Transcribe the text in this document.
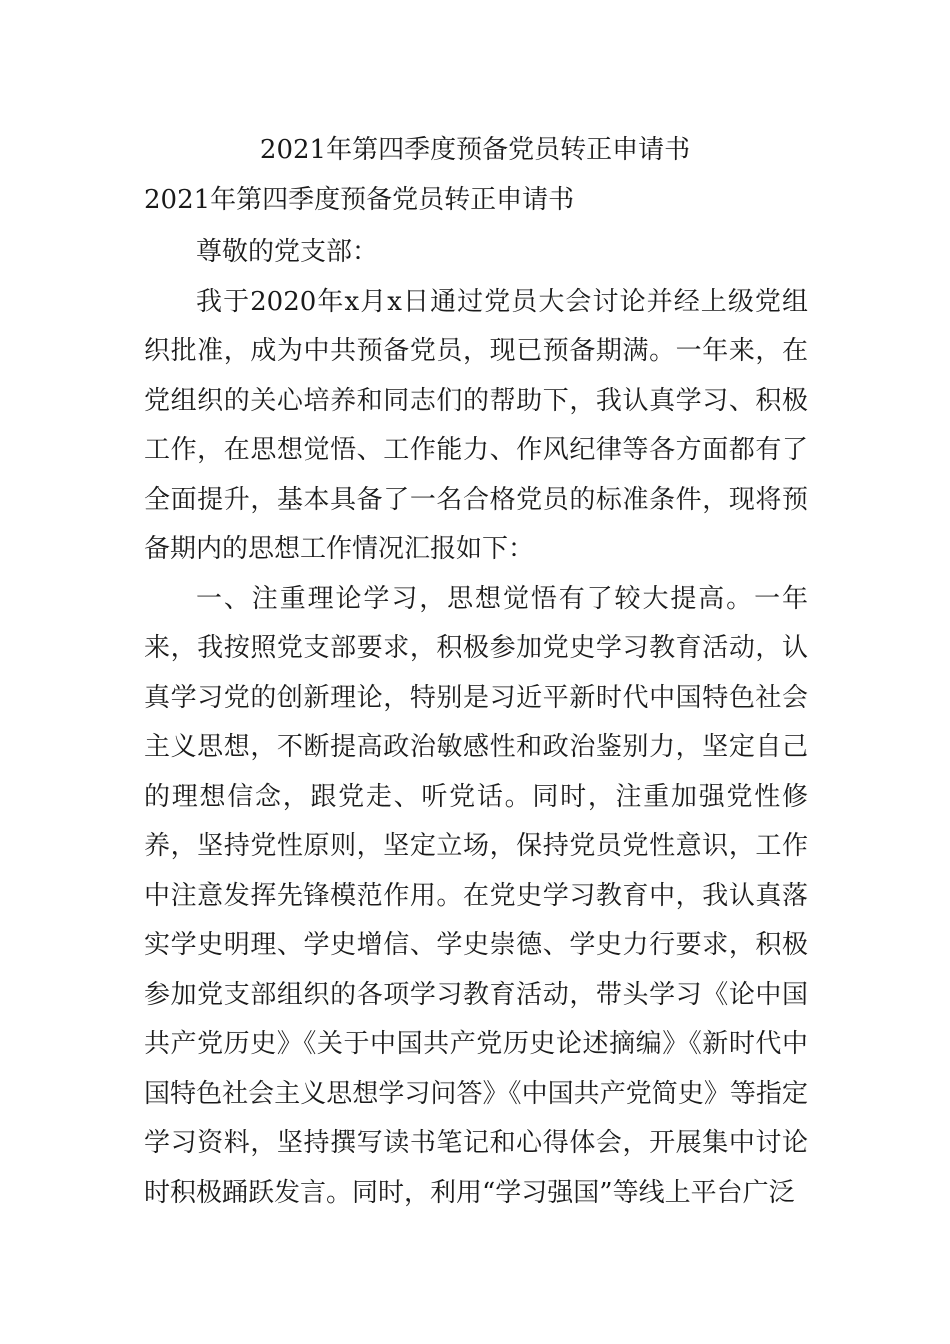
2021年第四季度预备党员转正申请书
2021年第四季度预备党员转正申请书

尊敬的党支部：

我于2020年x月x日通过党员大会讨论并经上级党组织批准，成为中共预备党员，现已预备期满。一年来，在党组织的关心培养和同志们的帮助下，我认真学习、积极工作，在思想觉悟、工作能力、作风纪律等各方面都有了全面提升，基本具备了一名合格党员的标准条件，现将预备期内的思想工作情况汇报如下：

一、注重理论学习，思想觉悟有了较大提高。一年来，我按照党支部要求，积极参加党史学习教育活动，认真学习党的创新理论，特别是习近平新时代中国特色社会主义思想，不断提高政治敏感性和政治鉴别力，坚定自己的理想信念，跟党走、听党话。同时，注重加强党性修养，坚持党性原则，坚定立场，保持党员党性意识，工作中注意发挥先锋模范作用。在党史学习教育中，我认真落实学史明理、学史增信、学史崇德、学史力行要求，积极参加党支部组织的各项学习教育活动，带头学习《论中国共产党历史》《关于中国共产党历史论述摘编》《新时代中国特色社会主义思想学习问答》《中国共产党简史》等指定学习资料，坚持撰写读书笔记和心得体会，开展集中讨论时积极踊跃发言。同时，利用“学习强国”等线上平台广泛
